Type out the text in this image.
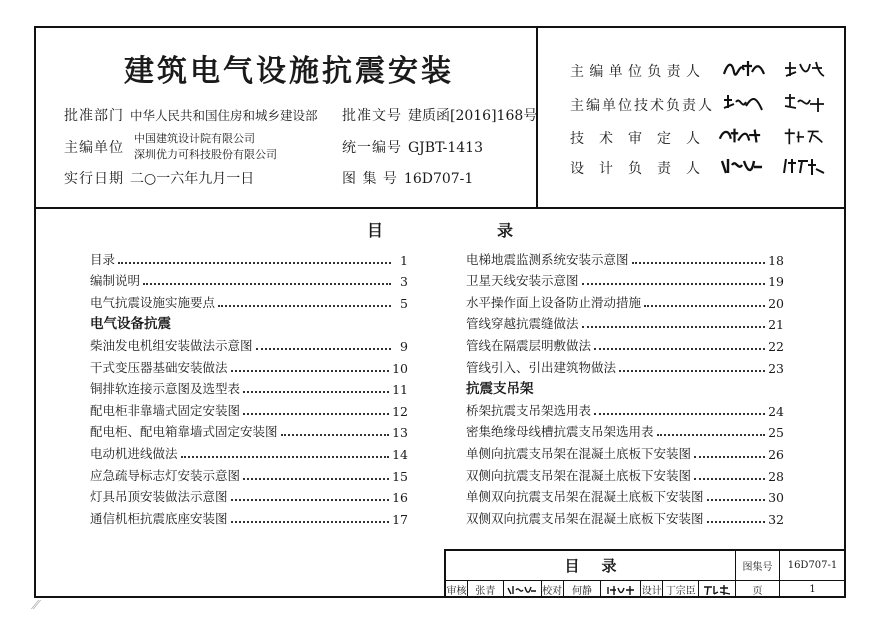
建筑电气设施抗震安装
批准部门 中华人民共和国住房和城乡建设部 批准文号 建质函[2016]168号
主编单位
中国建筑设计院有限公司
深圳优力可科技股份有限公司	统一编号 GJBT-1413
实行日期 二○一六年九月一日	图 集 号 16D707-1
主编单位负责人
主编单位技术负责人
技术审定人
设计负责人
目	录
目录	1
编制说明	3
电气抗震设施实施要点	5
电气设备抗震
柴油发电机组安装做法示意图	9
干式变压器基础安装做法	10
铜排软连接示意图及选型表	11
配电柜非靠墙式固定安装图	12
配电柜、配电箱靠墙式固定安装图	13
电动机进线做法	14
应急疏导标志灯安装示意图	15
灯具吊顶安装做法示意图	16
通信机柜抗震底座安装图	17
电梯地震监测系统安装示意图	18
卫星天线安装示意图	19
水平操作面上设备防止滑动措施	20
管线穿越抗震缝做法	21
管线在隔震层明敷做法	22
管线引入、引出建筑物做法	23
抗震支吊架
桥架抗震支吊架选用表	24
密集绝缘母线槽抗震支吊架选用表	25
单侧向抗震支吊架在混凝土底板下安装图	26
双侧向抗震支吊架在混凝土底板下安装图	28
单侧双向抗震支吊架在混凝土底板下安装图	30
双侧双向抗震支吊架在混凝土底板下安装图	32
目录	图集号	16D707-1
页	1
审核 张青	校对 何静	设计 丁宗臣
⁄⁄
